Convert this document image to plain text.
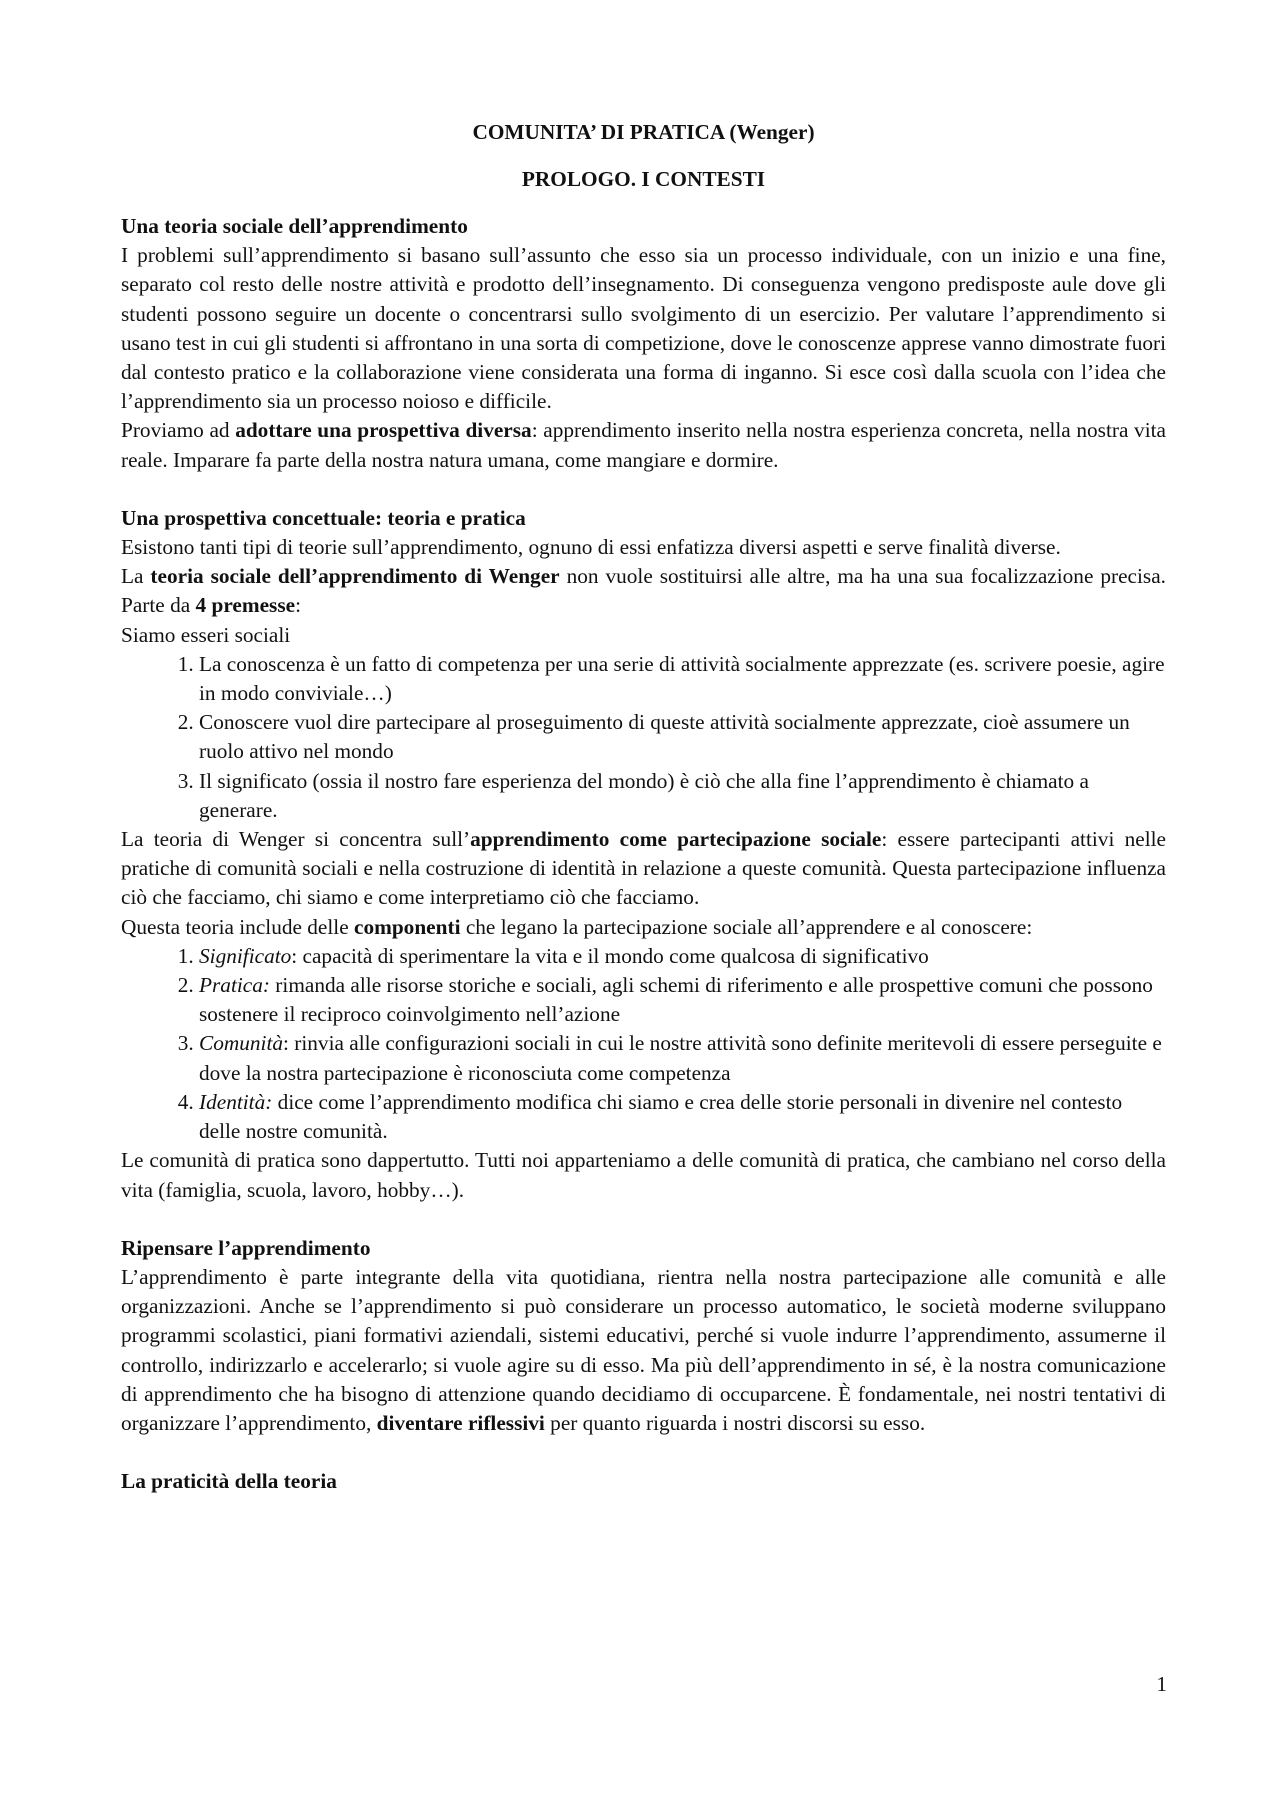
COMUNITA’ DI PRATICA (Wenger)

PROLOGO. I CONTESTI

Una teoria sociale dell’apprendimento

I problemi sull’apprendimento si basano sull’assunto che esso sia un processo individuale, con un inizio e una fine, separato col resto delle nostre attività e prodotto dell’insegnamento. Di conseguenza vengono predisposte aule dove gli studenti possono seguire un docente o concentrarsi sullo svolgimento di un esercizio. Per valutare l’apprendimento si usano test in cui gli studenti si affrontano in una sorta di competizione, dove le conoscenze apprese vanno dimostrate fuori dal contesto pratico e la collaborazione viene considerata una forma di inganno. Si esce così dalla scuola con l’idea che l’apprendimento sia un processo noioso e difficile.

Proviamo ad adottare una prospettiva diversa: apprendimento inserito nella nostra esperienza concreta, nella nostra vita reale. Imparare fa parte della nostra natura umana, come mangiare e dormire.

Una prospettiva concettuale: teoria e pratica

Esistono tanti tipi di teorie sull’apprendimento, ognuno di essi enfatizza diversi aspetti e serve finalità diverse.

La teoria sociale dell’apprendimento di Wenger non vuole sostituirsi alle altre, ma ha una sua focalizzazione precisa. Parte da 4 premesse:

Siamo esseri sociali

1. La conoscenza è un fatto di competenza per una serie di attività socialmente apprezzate (es. scrivere poesie, agire in modo conviviale…)
2. Conoscere vuol dire partecipare al proseguimento di queste attività socialmente apprezzate, cioè assumere un ruolo attivo nel mondo
3. Il significato (ossia il nostro fare esperienza del mondo) è ciò che alla fine l’apprendimento è chiamato a generare.

La teoria di Wenger si concentra sull’apprendimento come partecipazione sociale: essere partecipanti attivi nelle pratiche di comunità sociali e nella costruzione di identità in relazione a queste comunità. Questa partecipazione influenza ciò che facciamo, chi siamo e come interpretiamo ciò che facciamo.

Questa teoria include delle componenti che legano la partecipazione sociale all’apprendere e al conoscere:

1. Significato: capacità di sperimentare la vita e il mondo come qualcosa di significativo
2. Pratica: rimanda alle risorse storiche e sociali, agli schemi di riferimento e alle prospettive comuni che possono sostenere il reciproco coinvolgimento nell’azione
3. Comunità: rinvia alle configurazioni sociali in cui le nostre attività sono definite meritevoli di essere perseguite e dove la nostra partecipazione è riconosciuta come competenza
4. Identità: dice come l’apprendimento modifica chi siamo e crea delle storie personali in divenire nel contesto delle nostre comunità.

Le comunità di pratica sono dappertutto. Tutti noi apparteniamo a delle comunità di pratica, che cambiano nel corso della vita (famiglia, scuola, lavoro, hobby…).

Ripensare l’apprendimento

L’apprendimento è parte integrante della vita quotidiana, rientra nella nostra partecipazione alle comunità e alle organizzazioni. Anche se l’apprendimento si può considerare un processo automatico, le società moderne sviluppano programmi scolastici, piani formativi aziendali, sistemi educativi, perché si vuole indurre l’apprendimento, assumerne il controllo, indirizzarlo e accelerarlo; si vuole agire su di esso. Ma più dell’apprendimento in sé, è la nostra comunicazione di apprendimento che ha bisogno di attenzione quando decidiamo di occuparcene. È fondamentale, nei nostri tentativi di organizzare l’apprendimento, diventare riflessivi per quanto riguarda i nostri discorsi su esso.

La praticità della teoria
1
